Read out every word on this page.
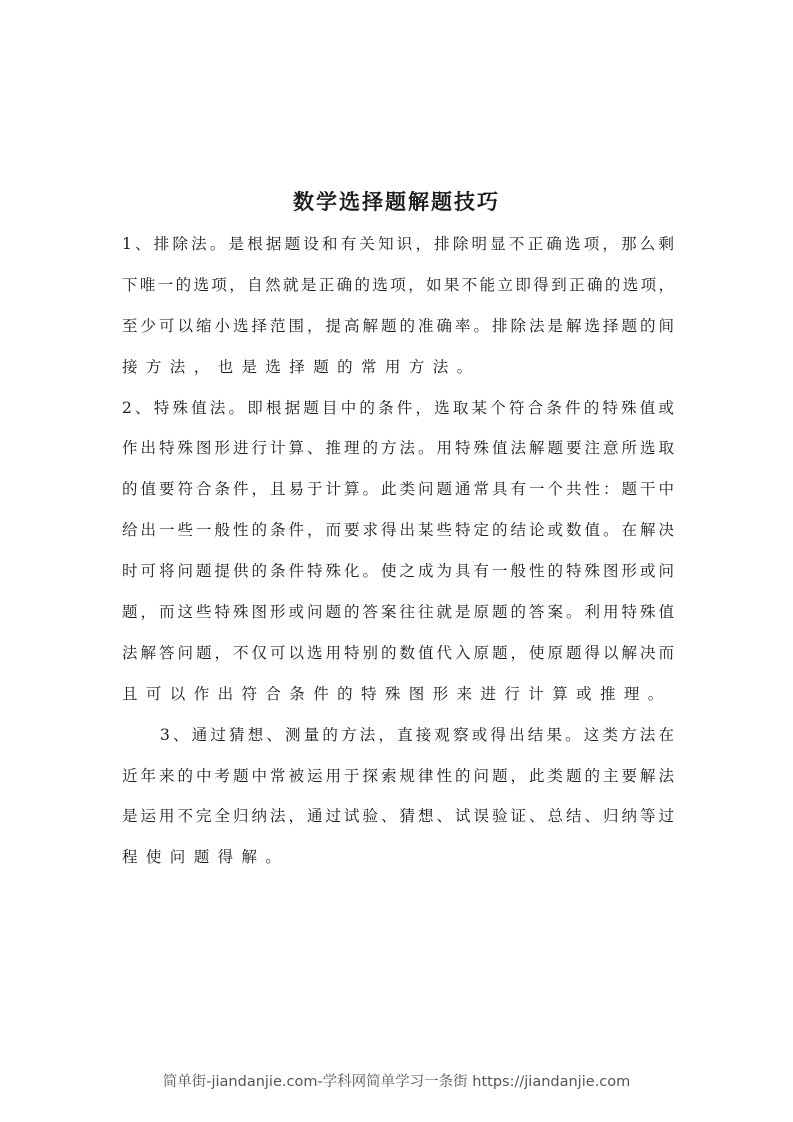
数学选择题解题技巧
1、排除法。是根据题设和有关知识，排除明显不正确选项，那么剩
下唯一的选项，自然就是正确的选项，如果不能立即得到正确的选项，
至少可以缩小选择范围，提高解题的准确率。排除法是解选择题的间
接方法，也是选择题的常用方法。
2、特殊值法。即根据题目中的条件，选取某个符合条件的特殊值或
作出特殊图形进行计算、推理的方法。用特殊值法解题要注意所选取
的值要符合条件，且易于计算。此类问题通常具有一个共性：题干中
给出一些一般性的条件，而要求得出某些特定的结论或数值。在解决
时可将问题提供的条件特殊化。使之成为具有一般性的特殊图形或问
题，而这些特殊图形或问题的答案往往就是原题的答案。利用特殊值
法解答问题，不仅可以选用特别的数值代入原题，使原题得以解决而
且可以作出符合条件的特殊图形来进行计算或推理。
3、通过猜想、测量的方法，直接观察或得出结果。这类方法在
近年来的中考题中常被运用于探索规律性的问题，此类题的主要解法
是运用不完全归纳法，通过试验、猜想、试误验证、总结、归纳等过
程使问题得解。
简单街-jiandanjie.com-学科网简单学习一条街 https://jiandanjie.com
